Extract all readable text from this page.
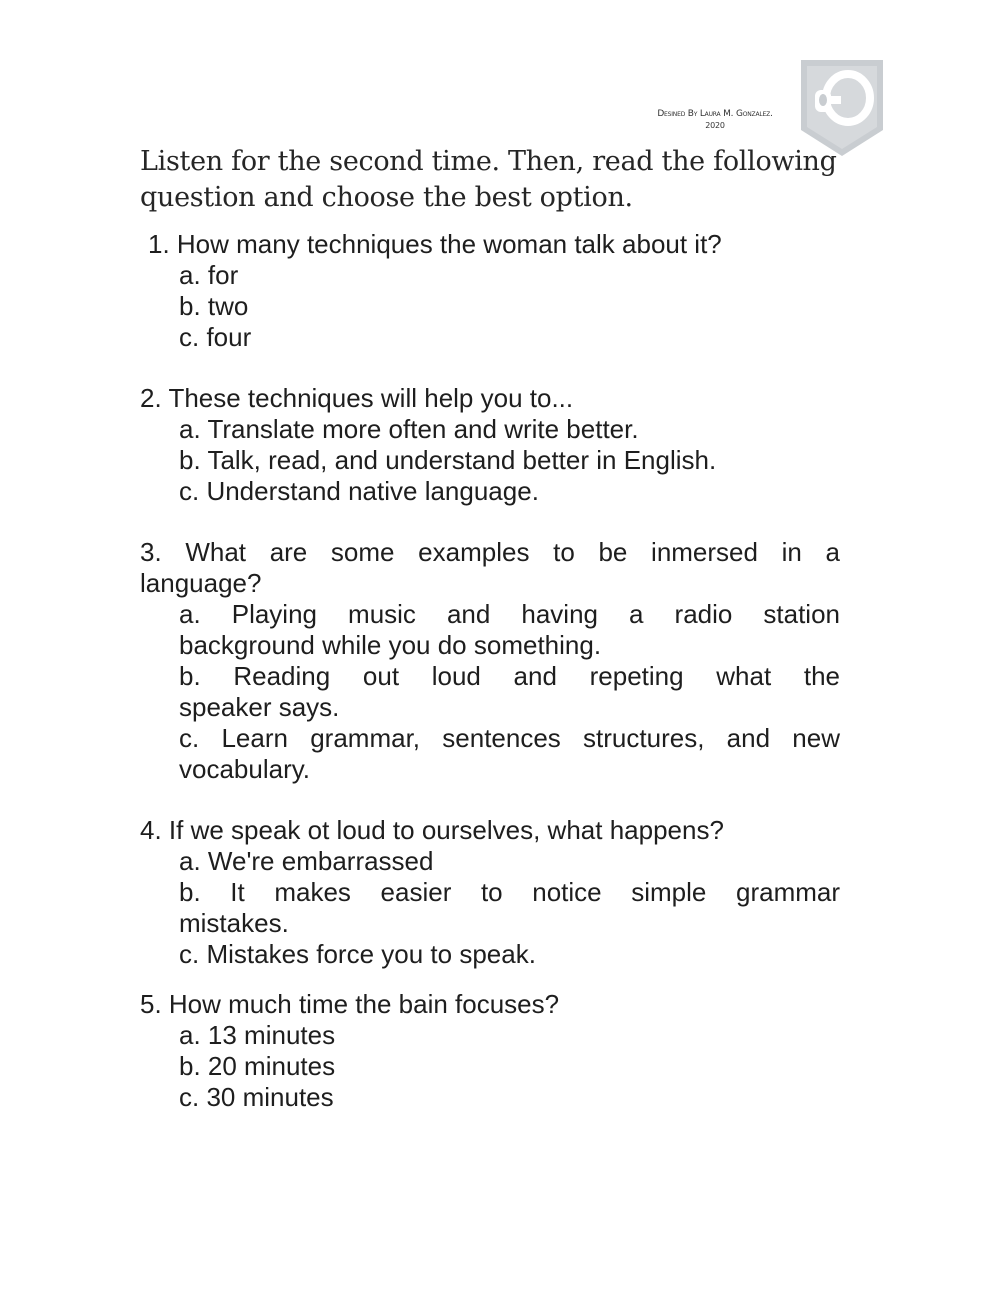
Desined By Laura M. Gonzalez.
2020
Listen for the second time. Then, read the following
question and choose the best option.
1. How many techniques the woman talk about it?
a. for
b. two
c. four
2. These techniques will help you to...
a. Translate more often and write better.
b. Talk, read, and understand better in English.
c. Understand native language.
3. What are some examples to be inmersed in a
language?
a. Playing music and having a radio station
background while you do something.
b. Reading out loud and repeting what the
speaker says.
c. Learn grammar, sentences structures, and new
vocabulary.
4. If we speak ot loud to ourselves, what happens?
a. We're embarrassed
b. It makes easier to notice simple grammar
mistakes.
c. Mistakes force you to speak.
5. How much time the bain focuses?
a. 13 minutes
b. 20 minutes
c. 30 minutes
